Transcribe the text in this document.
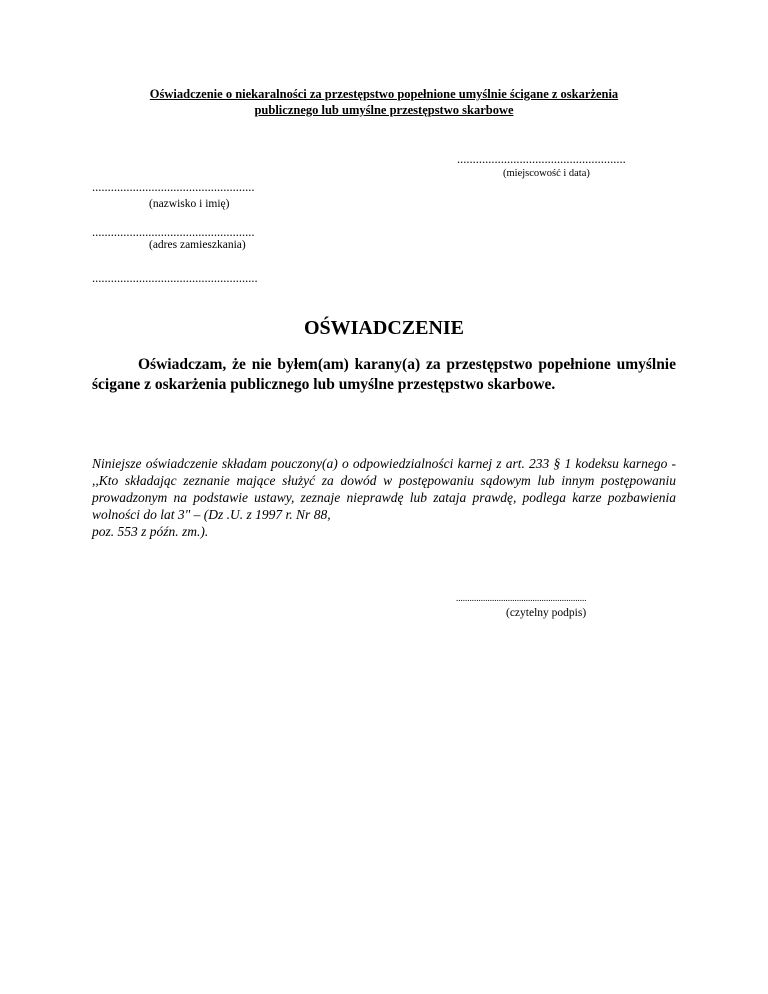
Oświadczenie o niekaralności za przestępstwo popełnione umyślnie ścigane z oskarżenia
publicznego lub umyślne przestępstwo skarbowe
......................................................
(miejscowość i data)
....................................................
(nazwisko i imię)
....................................................
(adres zamieszkania)
.....................................................
OŚWIADCZENIE
Oświadczam, że nie byłem(am) karany(a) za przestępstwo popełnione umyślnie ścigane z oskarżenia publicznego lub umyślne przestępstwo skarbowe.
Niniejsze oświadczenie składam pouczony(a) o odpowiedzialności karnej z art. 233 § 1 kodeksu karnego - ,,Kto składając zeznanie mające służyć za dowód w postępowaniu sądowym lub innym postępowaniu prowadzonym na podstawie ustawy, zeznaje nieprawdę lub zataja prawdę, podlega karze pozbawienia wolności do lat 3" – (Dz .U. z 1997 r. Nr 88,
poz. 553 z późn. zm.).
..........................................................
(czytelny podpis)
